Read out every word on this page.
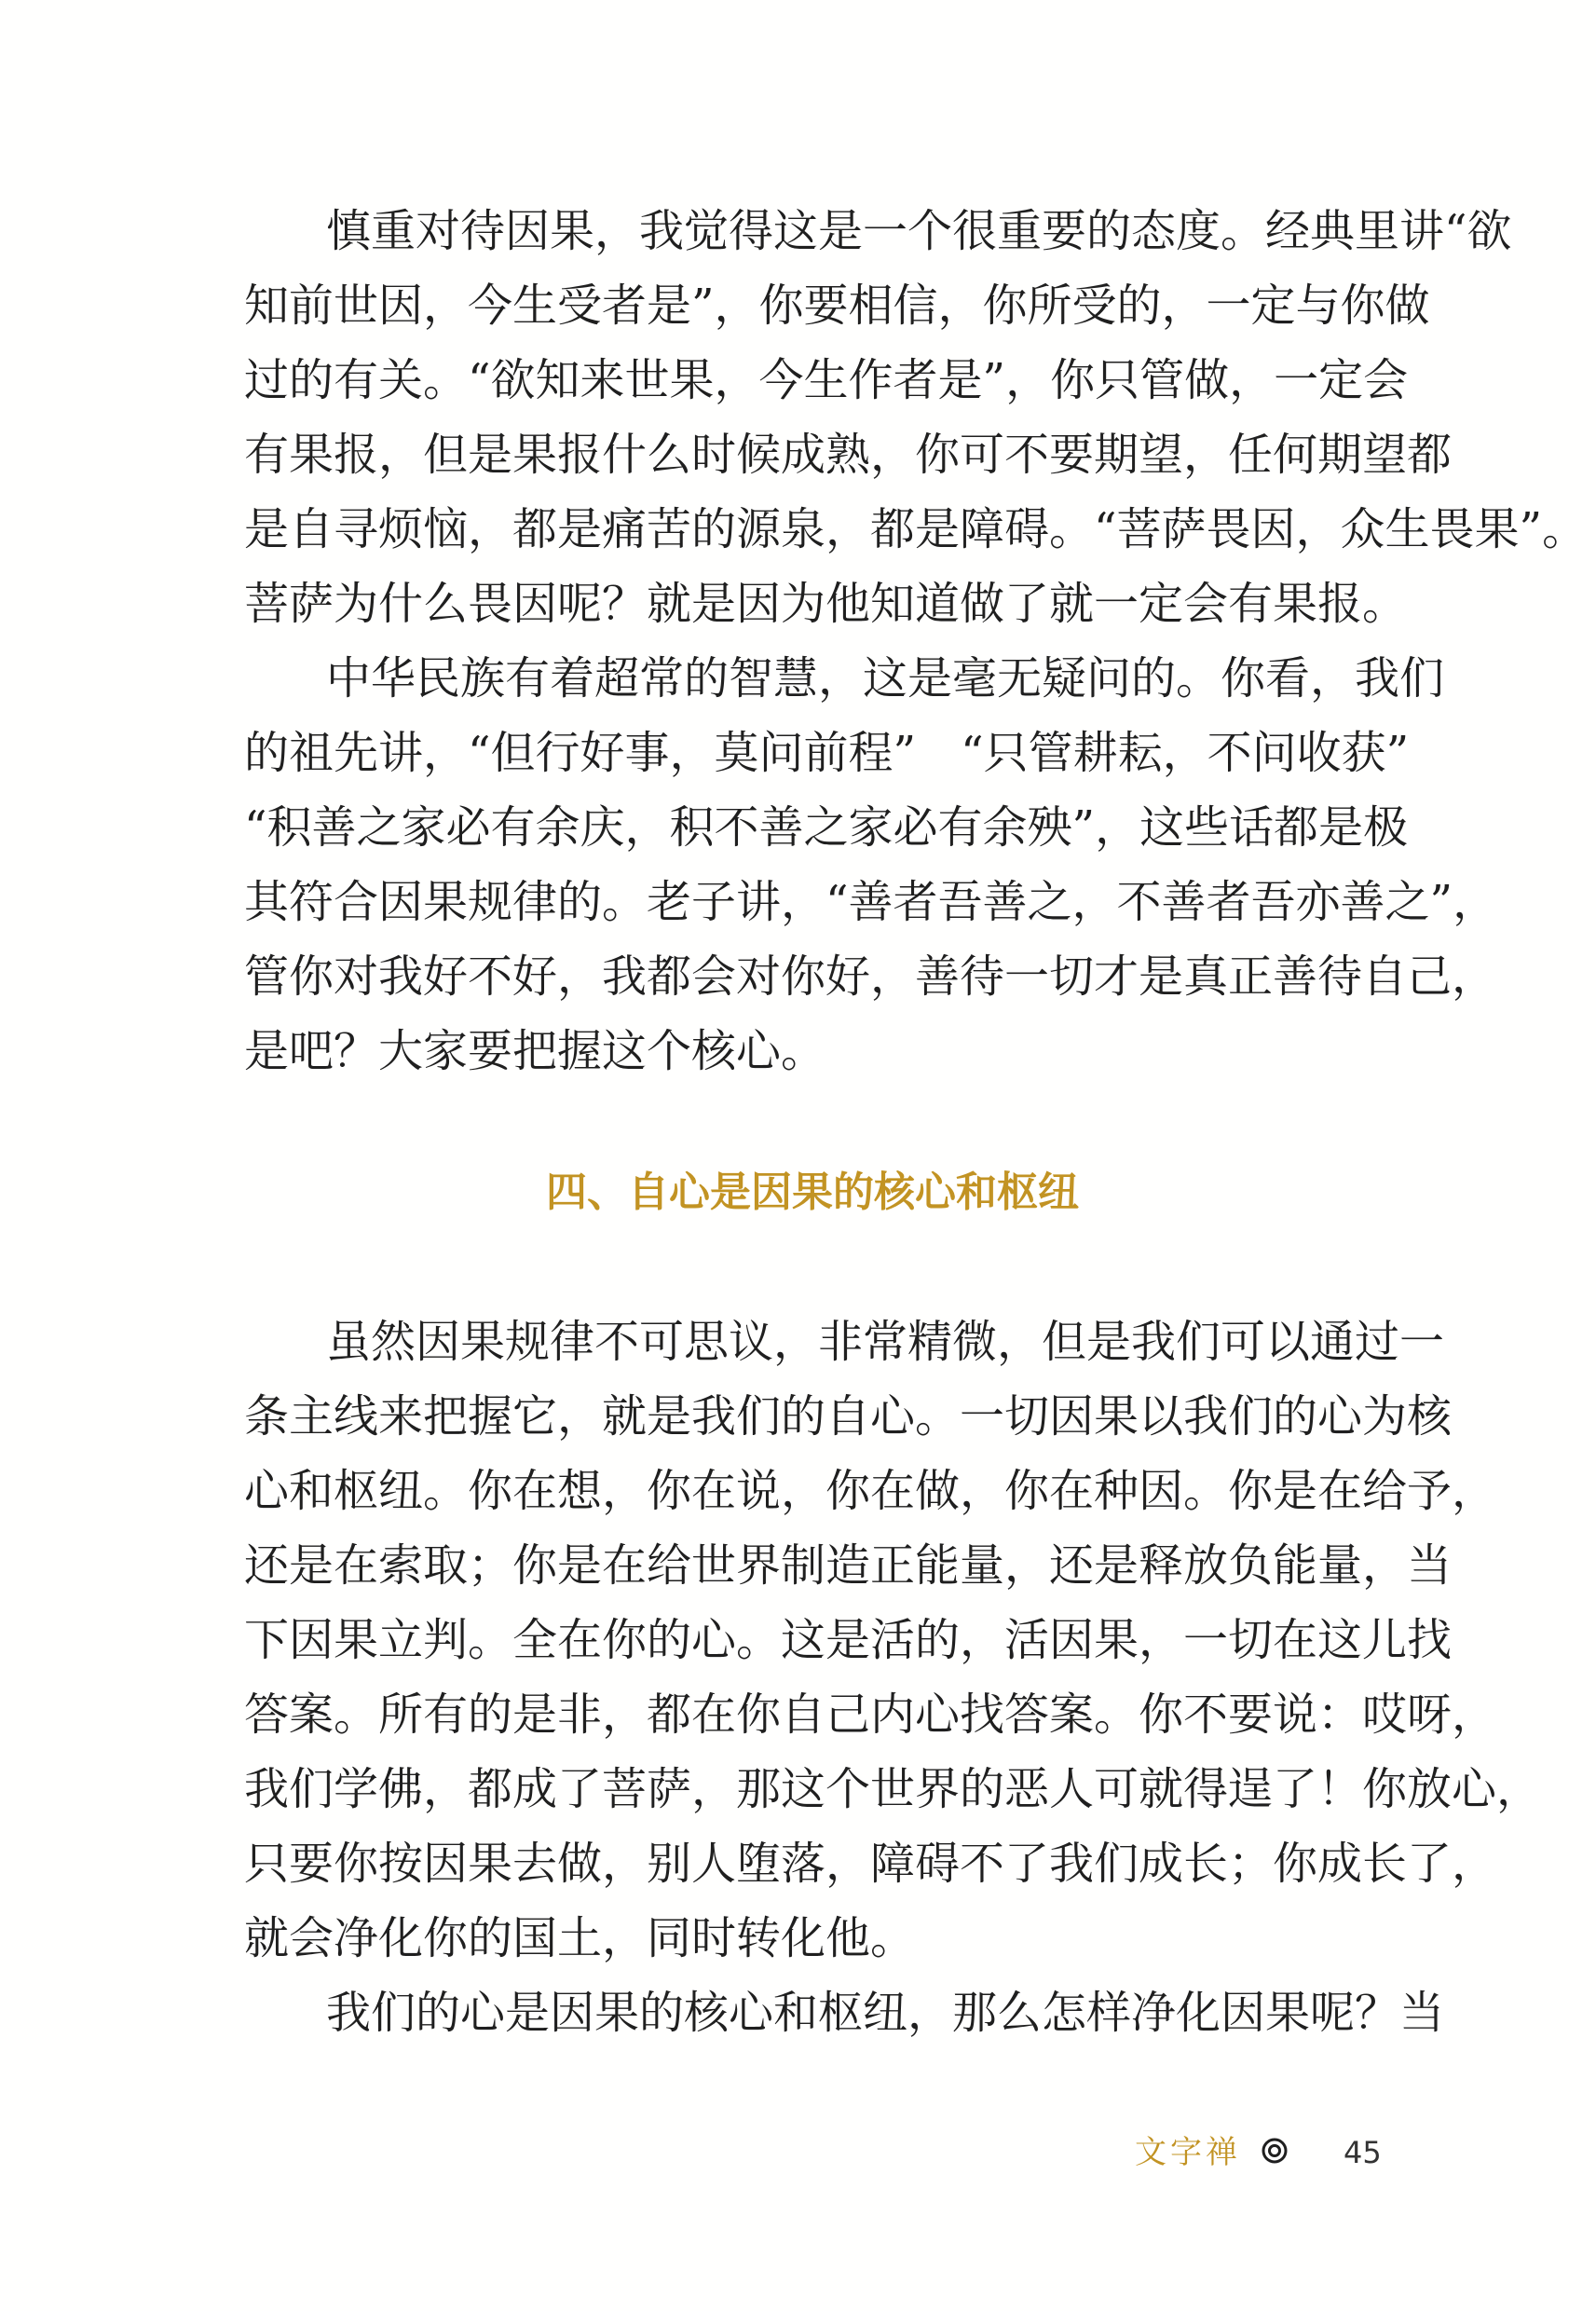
慎重对待因果，我觉得这是一个很重要的态度。经典里讲“欲
知前世因，今生受者是”，你要相信，你所受的，一定与你做
过的有关。“欲知来世果，今生作者是”，你只管做，一定会
有果报，但是果报什么时候成熟，你可不要期望，任何期望都
是自寻烦恼，都是痛苦的源泉，都是障碍。“菩萨畏因，众生畏果”。
菩萨为什么畏因呢？就是因为他知道做了就一定会有果报。
中华民族有着超常的智慧，这是毫无疑问的。你看，我们
的祖先讲，“但行好事，莫问前程”　“只管耕耘，不问收获”
“积善之家必有余庆，积不善之家必有余殃”，这些话都是极
其符合因果规律的。老子讲，“善者吾善之，不善者吾亦善之”，
管你对我好不好，我都会对你好，善待一切才是真正善待自己，
是吧？大家要把握这个核心。
四、自心是因果的核心和枢纽
虽然因果规律不可思议，非常精微，但是我们可以通过一
条主线来把握它，就是我们的自心。一切因果以我们的心为核
心和枢纽。你在想，你在说，你在做，你在种因。你是在给予，
还是在索取；你是在给世界制造正能量，还是释放负能量，当
下因果立判。全在你的心。这是活的，活因果，一切在这儿找
答案。所有的是非，都在你自己内心找答案。你不要说：哎呀，
我们学佛，都成了菩萨，那这个世界的恶人可就得逞了！你放心，
只要你按因果去做，别人堕落，障碍不了我们成长；你成长了，
就会净化你的国土，同时转化他。
我们的心是因果的核心和枢纽，那么怎样净化因果呢？当
文字禅	45
